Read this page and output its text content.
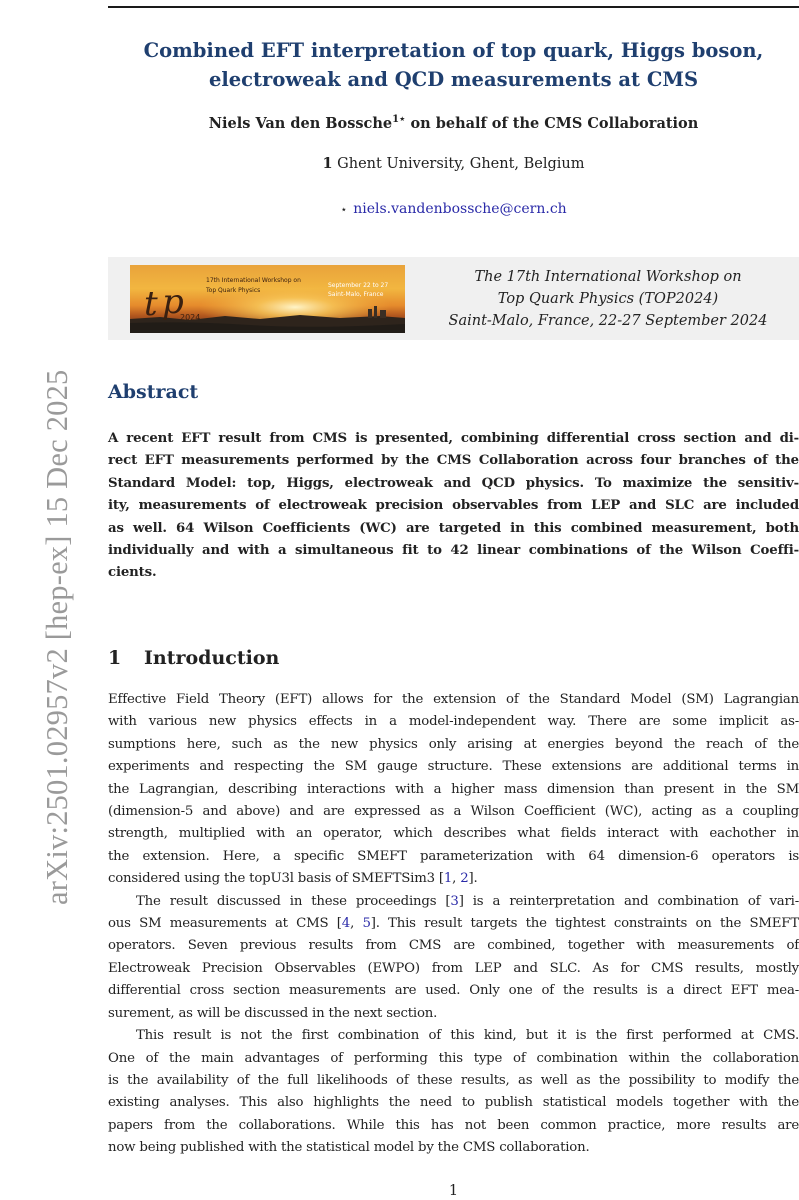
arXiv:2501.02957v2 [hep-ex] 15 Dec 2025
Combined EFT interpretation of top quark, Higgs boson,
electroweak and QCD measurements at CMS
Niels Van den Bossche$^{1⋆}$ on behalf of the CMS Collaboration
1 Ghent University, Ghent, Belgium
⋆ niels.vandenbossche@cern.ch
t p
2024
17th International Workshop on
Top Quark Physics
September 22 to 27
Saint-Malo, France
The 17th International Workshop on
Top Quark Physics (TOP2024)
Saint-Malo, France, 22-27 September 2024
Abstract
A recent EFT result from CMS is presented, combining differential cross section and di-
rect EFT measurements performed by the CMS Collaboration across four branches of the
Standard Model: top, Higgs, electroweak and QCD physics. To maximize the sensitiv-
ity, measurements of electroweak precision observables from LEP and SLC are included
as well. 64 Wilson Coefficients (WC) are targeted in this combined measurement, both
individually and with a simultaneous fit to 42 linear combinations of the Wilson Coeffi-
cients.
1 Introduction
Effective Field Theory (EFT) allows for the extension of the Standard Model (SM) Lagrangian
with various new physics effects in a model-independent way. There are some implicit as-
sumptions here, such as the new physics only arising at energies beyond the reach of the
experiments and respecting the SM gauge structure. These extensions are additional terms in
the Lagrangian, describing interactions with a higher mass dimension than present in the SM
(dimension-5 and above) and are expressed as a Wilson Coefficient (WC), acting as a coupling
strength, multiplied with an operator, which describes what fields interact with eachother in
the extension. Here, a specific SMEFT parameterization with 64 dimension-6 operators is
considered using the topU3l basis of SMEFTSim3 [1, 2].
The result discussed in these proceedings [3] is a reinterpretation and combination of vari-
ous SM measurements at CMS [4, 5]. This result targets the tightest constraints on the SMEFT
operators. Seven previous results from CMS are combined, together with measurements of
Electroweak Precision Observables (EWPO) from LEP and SLC. As for CMS results, mostly
differential cross section measurements are used. Only one of the results is a direct EFT mea-
surement, as will be discussed in the next section.
This result is not the first combination of this kind, but it is the first performed at CMS.
One of the main advantages of performing this type of combination within the collaboration
is the availability of the full likelihoods of these results, as well as the possibility to modify the
existing analyses. This also highlights the need to publish statistical models together with the
papers from the collaborations. While this has not been common practice, more results are
now being published with the statistical model by the CMS collaboration.
1
